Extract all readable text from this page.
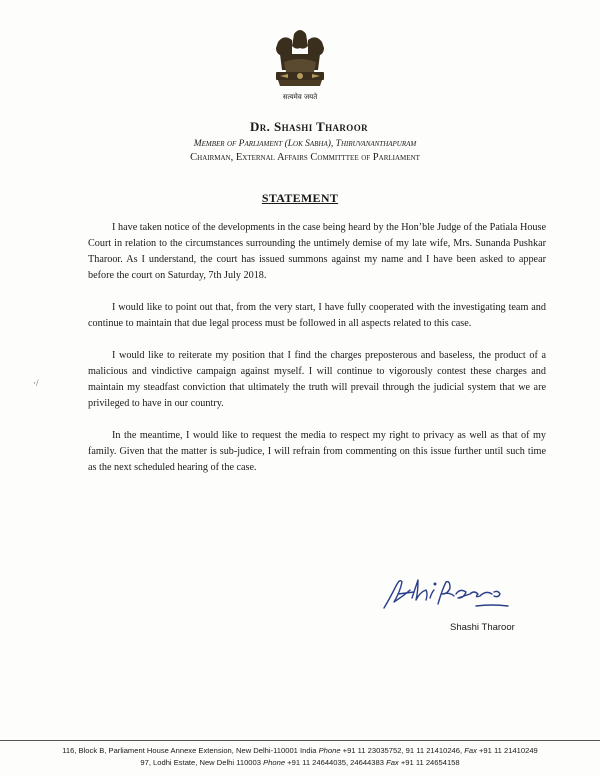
सत्यमेव जयते
Dr. Shashi Tharoor
Member of Parliament (Lok Sabha), Thiruvananthapuram
Chairman, External Affairs Committtee of Parliament
STATEMENT

I have taken notice of the developments in the case being heard by the Hon’ble Judge of the Patiala House Court in relation to the circumstances surrounding the untimely demise of my late wife, Mrs. Sunanda Pushkar Tharoor. As I understand, the court has issued summons against my name and I have been asked to appear before the court on Saturday, 7th July 2018.

I would like to point out that, from the very start, I have fully cooperated with the investigating team and continue to maintain that due legal process must be followed in all aspects related to this case.

I would like to reiterate my position that I find the charges preposterous and baseless, the product of a malicious and vindictive campaign against myself. I will continue to vigorously contest these charges and maintain my steadfast conviction that ultimately the truth will prevail through the judicial system that we are privileged to have in our country.

In the meantime, I would like to request the media to respect my right to privacy as well as that of my family. Given that the matter is sub-judice, I will refrain from commenting on this issue further until such time as the next scheduled hearing of the case.

·/
Shashi Tharoor
116, Block B, Parliament House Annexe Extension, New Delhi-110001 India Phone +91 11 23035752, 91 11 21410246, Fax +91 11 21410249
97, Lodhi Estate, New Delhi 110003 Phone +91 11 24644035, 24644383 Fax +91 11 24654158
